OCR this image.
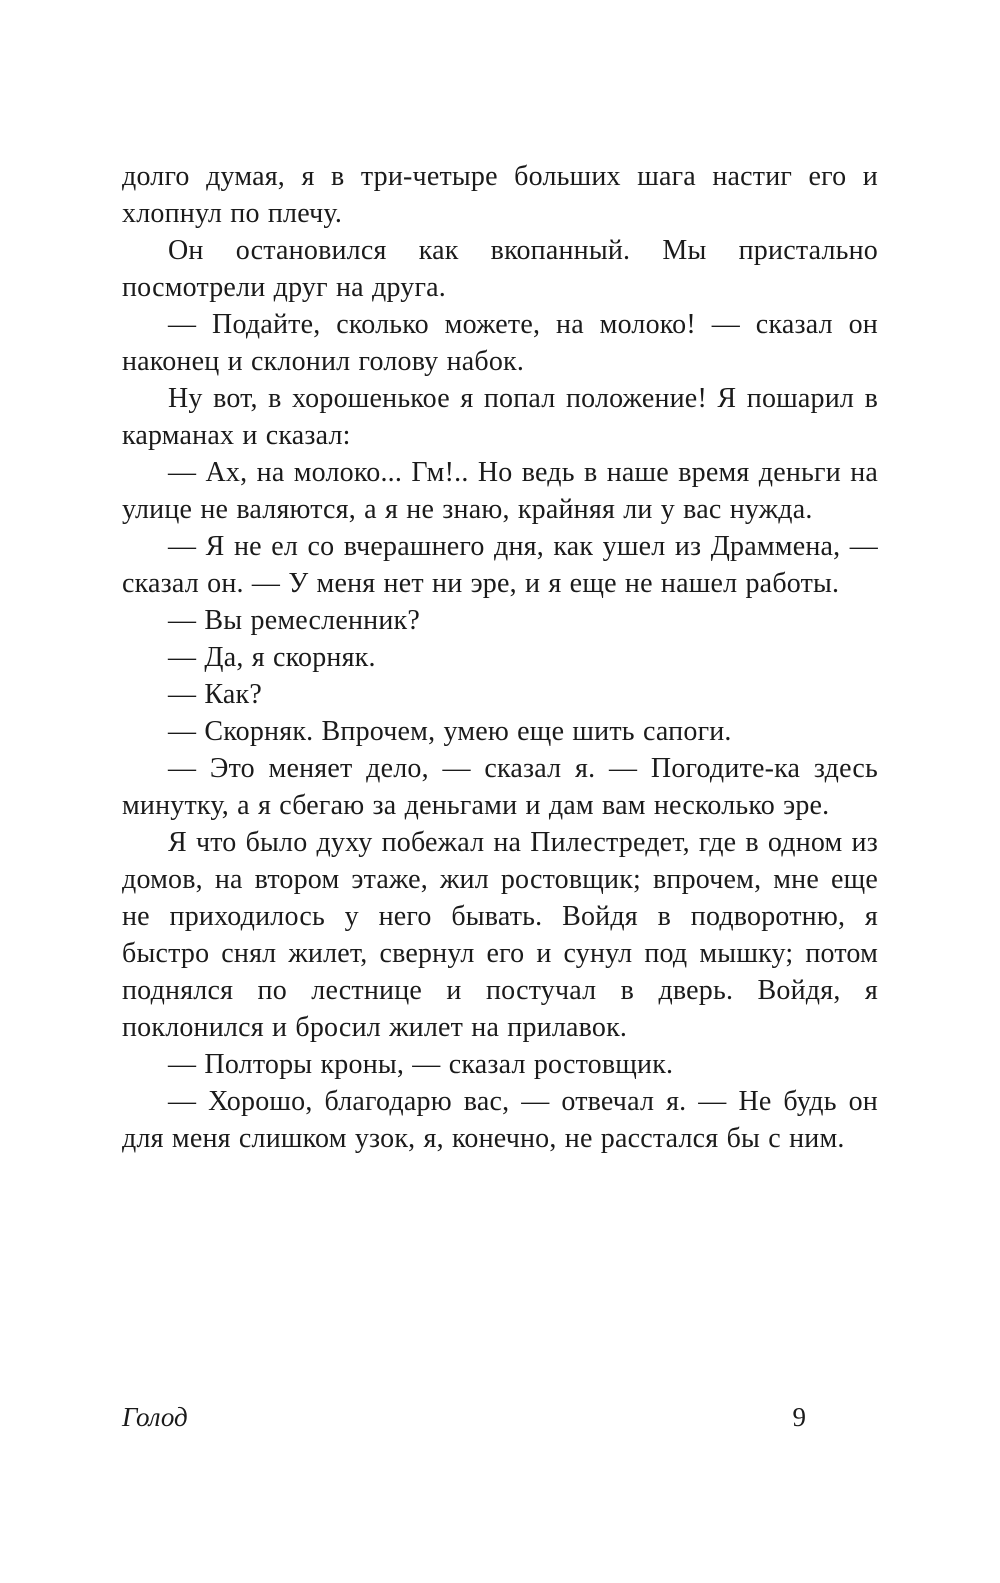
долго думая, я в три-четыре больших шага настиг его и хлопнул по плечу.

Он остановился как вкопанный. Мы пристально посмотрели друг на друга.

— Подайте, сколько можете, на молоко! — сказал он наконец и склонил голову набок.

Ну вот, в хорошенькое я попал положение! Я пошарил в карманах и сказал:

— Ах, на молоко... Гм!.. Но ведь в наше время деньги на улице не валяются, а я не знаю, крайняя ли у вас нужда.

— Я не ел со вчерашнего дня, как ушел из Драммена, — сказал он. — У меня нет ни эре, и я еще не нашел работы.

— Вы ремесленник?

— Да, я скорняк.

— Как?

— Скорняк. Впрочем, умею еще шить сапоги.

— Это меняет дело, — сказал я. — Погодите-ка здесь минутку, а я сбегаю за деньгами и дам вам несколько эре.

Я что было духу побежал на Пилестредет, где в одном из домов, на втором этаже, жил ростовщик; впрочем, мне еще не приходилось у него бывать. Войдя в подворотню, я быстро снял жилет, свернул его и сунул под мышку; потом поднялся по лестнице и постучал в дверь. Войдя, я поклонился и бросил жилет на прилавок.

— Полторы кроны, — сказал ростовщик.

— Хорошо, благодарю вас, — отвечал я. — Не будь он для меня слишком узок, я, конечно, не расстался бы с ним.

Голод	9
